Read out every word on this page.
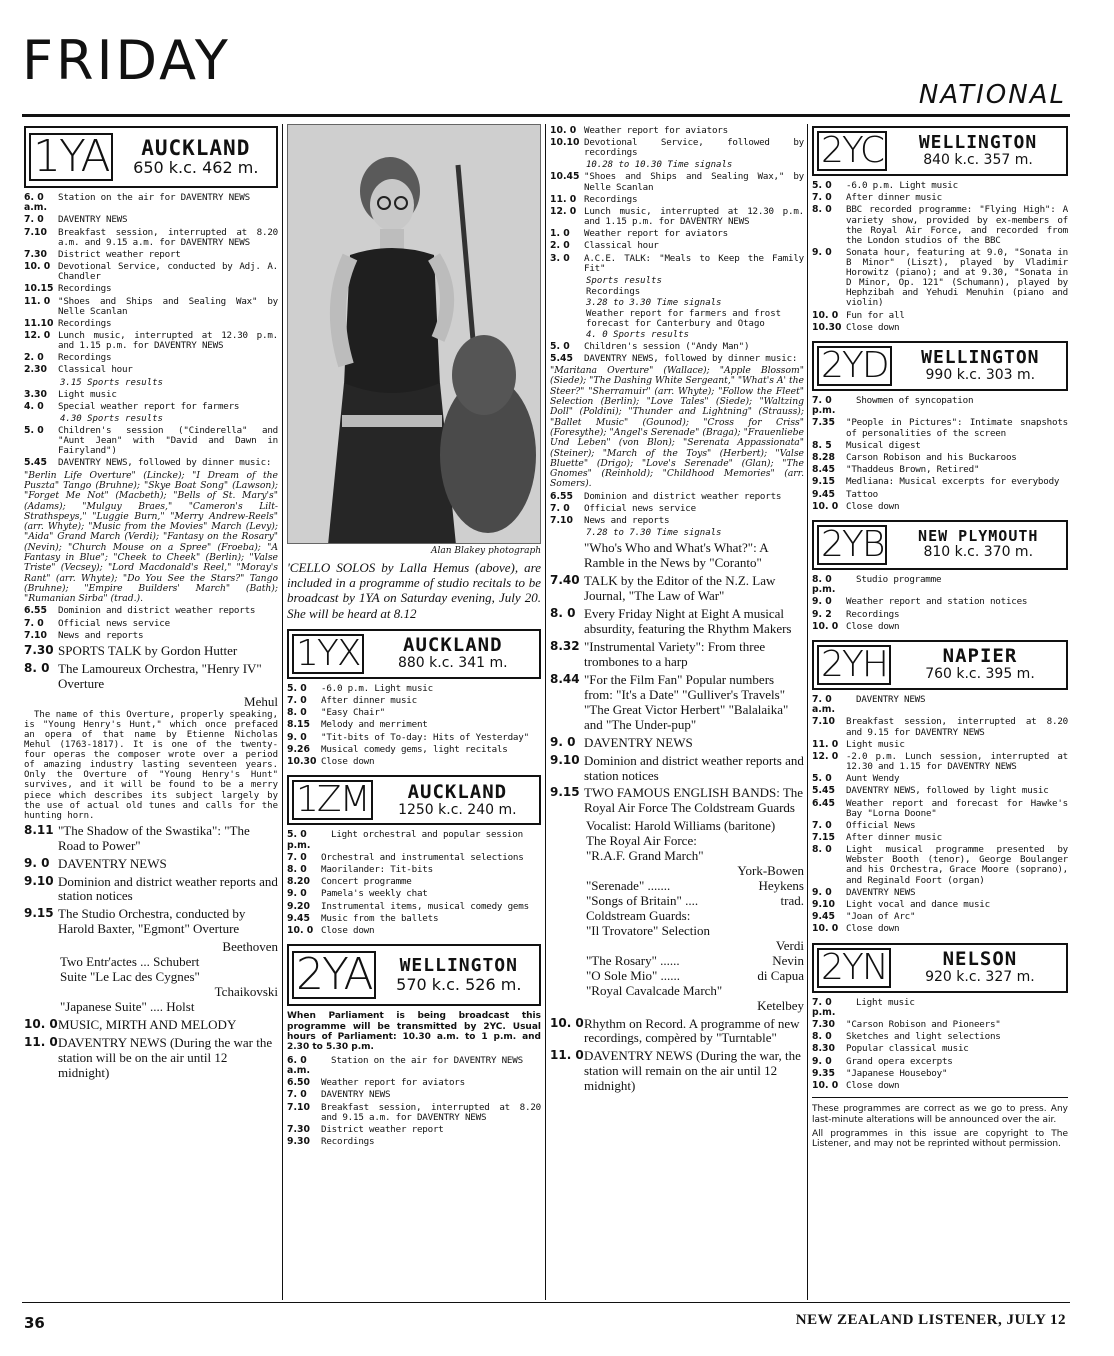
FRIDAY
NATIONAL
1YA AUCKLAND
650 k.c. 462 m.
6. 0 a.m.
Station on the air for DAVENTRY NEWS
7. 0	DAVENTRY NEWS
7.10	Breakfast session, interrupted at 8.20 a.m. and 9.15 a.m. for DAVENTRY NEWS
7.30	District weather report
10. 0 Devotional Service, conducted by Adj. A. Chandler
10.15 Recordings
11. 0 "Shoes and Ships and Sealing Wax" by Nelle Scanlan
11.10 Recordings
12. 0 Lunch music, interrupted at 12.30 p.m. and 1.15 p.m. for DAVENTRY NEWS
2. 0	Recordings
2.30	Classical hour
3.15 Sports results
3.30	Light music
4. 0	Special weather report for farmers
4.30 Sports results
5. 0	Children's session ("Cinderella" and "Aunt Jean" with "David and Dawn in Fairyland")
5.45	DAVENTRY NEWS, followed by dinner music:
"Berlin Life Overture" (Lincke); "I Dream of the Puszta" Tango (Bruhne); "Skye Boat Song" (Lawson); "Forget Me Not" (Macbeth); "Bells of St. Mary's" (Adams); "Mulguy Braes," "Cameron's Lilt-Strathspeys," "Luggie Burn," "Merry Andrew-Reels" (arr. Whyte); "Music from the Movies" March (Levy); "Aida" Grand March (Verdi); "Fantasy on the Rosary" (Nevin); "Church Mouse on a Spree" (Froeba); "A Fantasy in Blue"; "Cheek to Cheek" (Berlin); "Valse Triste" (Vecsey); "Lord Macdonald's Reel," "Moray's Rant" (arr. Whyte); "Do You See the Stars?" Tango (Bruhne); "Empire Builders' March" (Bath); "Rumanian Sirba" (trad.).
6.55	Dominion and district weather reports
7. 0	Official news service
7.10	News and reports
7.30 SPORTS TALK by Gordon Hutter
8. 0 The Lamoureux Orchestra, "Henry IV" Overture
Mehul
The name of this Overture, properly speaking, is "Young Henry's Hunt," which once prefaced an opera of that name by Etienne Nicholas Mehul (1763-1817). It is one of the twenty-four operas the composer wrote over a period of amazing industry lasting seventeen years. Only the Overture of "Young Henry's Hunt" survives, and it will be found to be a merry piece which describes its subject largely by the use of actual old tunes and calls for the hunting horn.
8.11 "The Shadow of the Swastika": "The Road to Power"
9. 0 DAVENTRY NEWS
9.10 Dominion and district weather reports and station notices
9.15 The Studio Orchestra, conducted by Harold Baxter, "Egmont" Overture
Beethoven
Two Entr'actes ... Schubert
Suite "Le Lac des Cygnes"
Tchaikovski
"Japanese Suite" .... Holst
10. 0 MUSIC, MIRTH AND MELODY
11. 0 DAVENTRY NEWS (During the war the station will be on the air until 12 midnight)
Alan Blakey photograph
'CELLO SOLOS by Lalla Hemus (above), are included in a programme of studio recitals to be broadcast by 1YA on Saturday evening, July 20. She will be heard at 8.12
1YX AUCKLAND
880 k.c. 341 m.
5. 0	-6.0 p.m. Light music
7. 0	After dinner music
8. 0	"Easy Chair"
8.15	Melody and merriment
9. 0	"Tit-bits of To-day: Hits of Yesterday"
9.26	Musical comedy gems, light recitals
10.30 Close down
1ZM AUCKLAND
1250 k.c. 240 m.
5. 0 p.m.
Light orchestral and popular session
7. 0	Orchestral and instrumental selections
8. 0	Maorilander: Tit-bits
8.20	Concert programme
9. 0	Pamela's weekly chat
9.20	Instrumental items, musical comedy gems
9.45	Music from the ballets
10. 0 Close down
2YA WELLINGTON
570 k.c. 526 m.
When Parliament is being broadcast this programme will be transmitted by 2YC. Usual hours of Parliament: 10.30 a.m. to 1 p.m. and 2.30 to 5.30 p.m.
6. 0 a.m.
Station on the air for DAVENTRY NEWS
6.50	Weather report for aviators
7. 0	DAVENTRY NEWS
7.10	Breakfast session, interrupted at 8.20 and 9.15 a.m. for DAVENTRY NEWS
7.30	District weather report
9.30	Recordings
10. 0 Weather report for aviators
10.10 Devotional Service, followed by recordings
10.28 to 10.30 Time signals
10.45 "Shoes and Ships and Sealing Wax," by Nelle Scanlan
11. 0 Recordings
12. 0 Lunch music, interrupted at 12.30 p.m. and 1.15 p.m. for DAVENTRY NEWS
1. 0	Weather report for aviators
2. 0	Classical hour
3. 0	A.C.E. TALK: "Meals to Keep the Family Fit"
Sports results
Recordings
3.28 to 3.30 Time signals
Weather report for farmers and frost forecast for Canterbury and Otago
4. 0 Sports results
5. 0	Children's session ("Andy Man")
5.45	DAVENTRY NEWS, followed by dinner music:
"Maritana Overture" (Wallace); "Apple Blossom" (Siede); "The Dashing White Sergeant," "What's A' the Steer?" "Sherramuir" (arr. Whyte); "Follow the Fleet" Selection (Berlin); "Love Tales" (Siede); "Waltzing Doll" (Poldini); "Thunder and Lightning" (Strauss); "Ballet Music" (Gounod); "Cross for Criss" (Foresythe); "Angel's Serenade" (Braga); "Frauenliebe Und Leben" (von Blon); "Serenata Appassionata" (Steiner); "March of the Toys" (Herbert); "Valse Bluette" (Drigo); "Love's Serenade" (Glan); "The Gnomes" (Reinhold); "Childhood Memories" (arr. Somers).
6.55	Dominion and district weather reports
7. 0	Official news service
7.10	News and reports
7.28 to 7.30 Time signals
"Who's Who and What's What?": A Ramble in the News by "Coranto"
7.40 TALK by the Editor of the N.Z. Law Journal, "The Law of War"
8. 0 Every Friday Night at Eight A musical absurdity, featuring the Rhythm Makers
8.32 "Instrumental Variety": From three trombones to a harp
8.44 "For the Film Fan" Popular numbers from: "It's a Date" "Gulliver's Travels" "The Great Victor Herbert" "Balalaika" and "The Under-pup"
9. 0 DAVENTRY NEWS
9.10 Dominion and district weather reports and station notices
9.15 TWO FAMOUS ENGLISH BANDS: The Royal Air Force The Coldstream Guards
Vocalist: Harold Williams (baritone)
The Royal Air Force:
"R.A.F. Grand March"
York-Bowen
"Serenade" .......	Heykens
"Songs of Britain" ....	trad.
Coldstream Guards:
"Il Trovatore" Selection
Verdi
"The Rosary" ......	Nevin
"O Sole Mio" ......	di Capua
"Royal Cavalcade March"
Ketelbey
10. 0 Rhythm on Record. A programme of new recordings, compèred by "Turntable"
11. 0 DAVENTRY NEWS (During the war, the station will remain on the air until 12 midnight)
2YC WELLINGTON
840 k.c. 357 m.
5. 0	-6.0 p.m. Light music
7. 0	After dinner music
8. 0	BBC recorded programme: "Flying High": A variety show, provided by ex-members of the Royal Air Force, and recorded from the London studios of the BBC
9. 0	Sonata hour, featuring at 9.0, "Sonata in B Minor" (Liszt), played by Vladimir Horowitz (piano); and at 9.30, "Sonata in D Minor, Op. 121" (Schumann), played by Hephzibah and Yehudi Menuhin (piano and violin)
10. 0 Fun for all
10.30 Close down
2YD WELLINGTON
990 k.c. 303 m.
7. 0 p.m.
Showmen of syncopation
7.35	"People in Pictures": Intimate snapshots of personalities of the screen
8. 5	Musical digest
8.28	Carson Robison and his Buckaroos
8.45	"Thaddeus Brown, Retired"
9.15	Medliana: Musical excerpts for everybody
9.45	Tattoo
10. 0 Close down
2YB NEW PLYMOUTH
810 k.c. 370 m.
8. 0 p.m.
Studio programme
9. 0	Weather report and station notices
9. 2	Recordings
10. 0 Close down
2YH	NAPIER
760 k.c. 395 m.
7. 0 a.m.
DAVENTRY NEWS
7.10	Breakfast session, interrupted at 8.20 and 9.15 for DAVENTRY NEWS
11. 0 Light music
12. 0 -2.0 p.m. Lunch session, interrupted at 12.30 and 1.15 for DAVENTRY NEWS
5. 0	Aunt Wendy
5.45	DAVENTRY NEWS, followed by light music
6.45	Weather report and forecast for Hawke's Bay "Lorna Doone"
7. 0	Official News
7.15	After dinner music
8. 0	Light musical programme presented by Webster Booth (tenor), George Boulanger and his Orchestra, Grace Moore (soprano), and Reginald Foort (organ)
9. 0	DAVENTRY NEWS
9.10	Light vocal and dance music
9.45	"Joan of Arc"
10. 0 Close down
2YN	NELSON
920 k.c. 327 m.
7. 0 p.m.
Light music
7.30	"Carson Robison and Pioneers"
8. 0	Sketches and light selections
8.30	Popular classical music
9. 0	Grand opera excerpts
9.35	"Japanese Houseboy"
10. 0 Close down
These programmes are correct as we go to press. Any last-minute alterations will be announced over the air.
All programmes in this issue are copyright to The Listener, and may not be reprinted without permission.
36	NEW ZEALAND LISTENER, JULY 12
